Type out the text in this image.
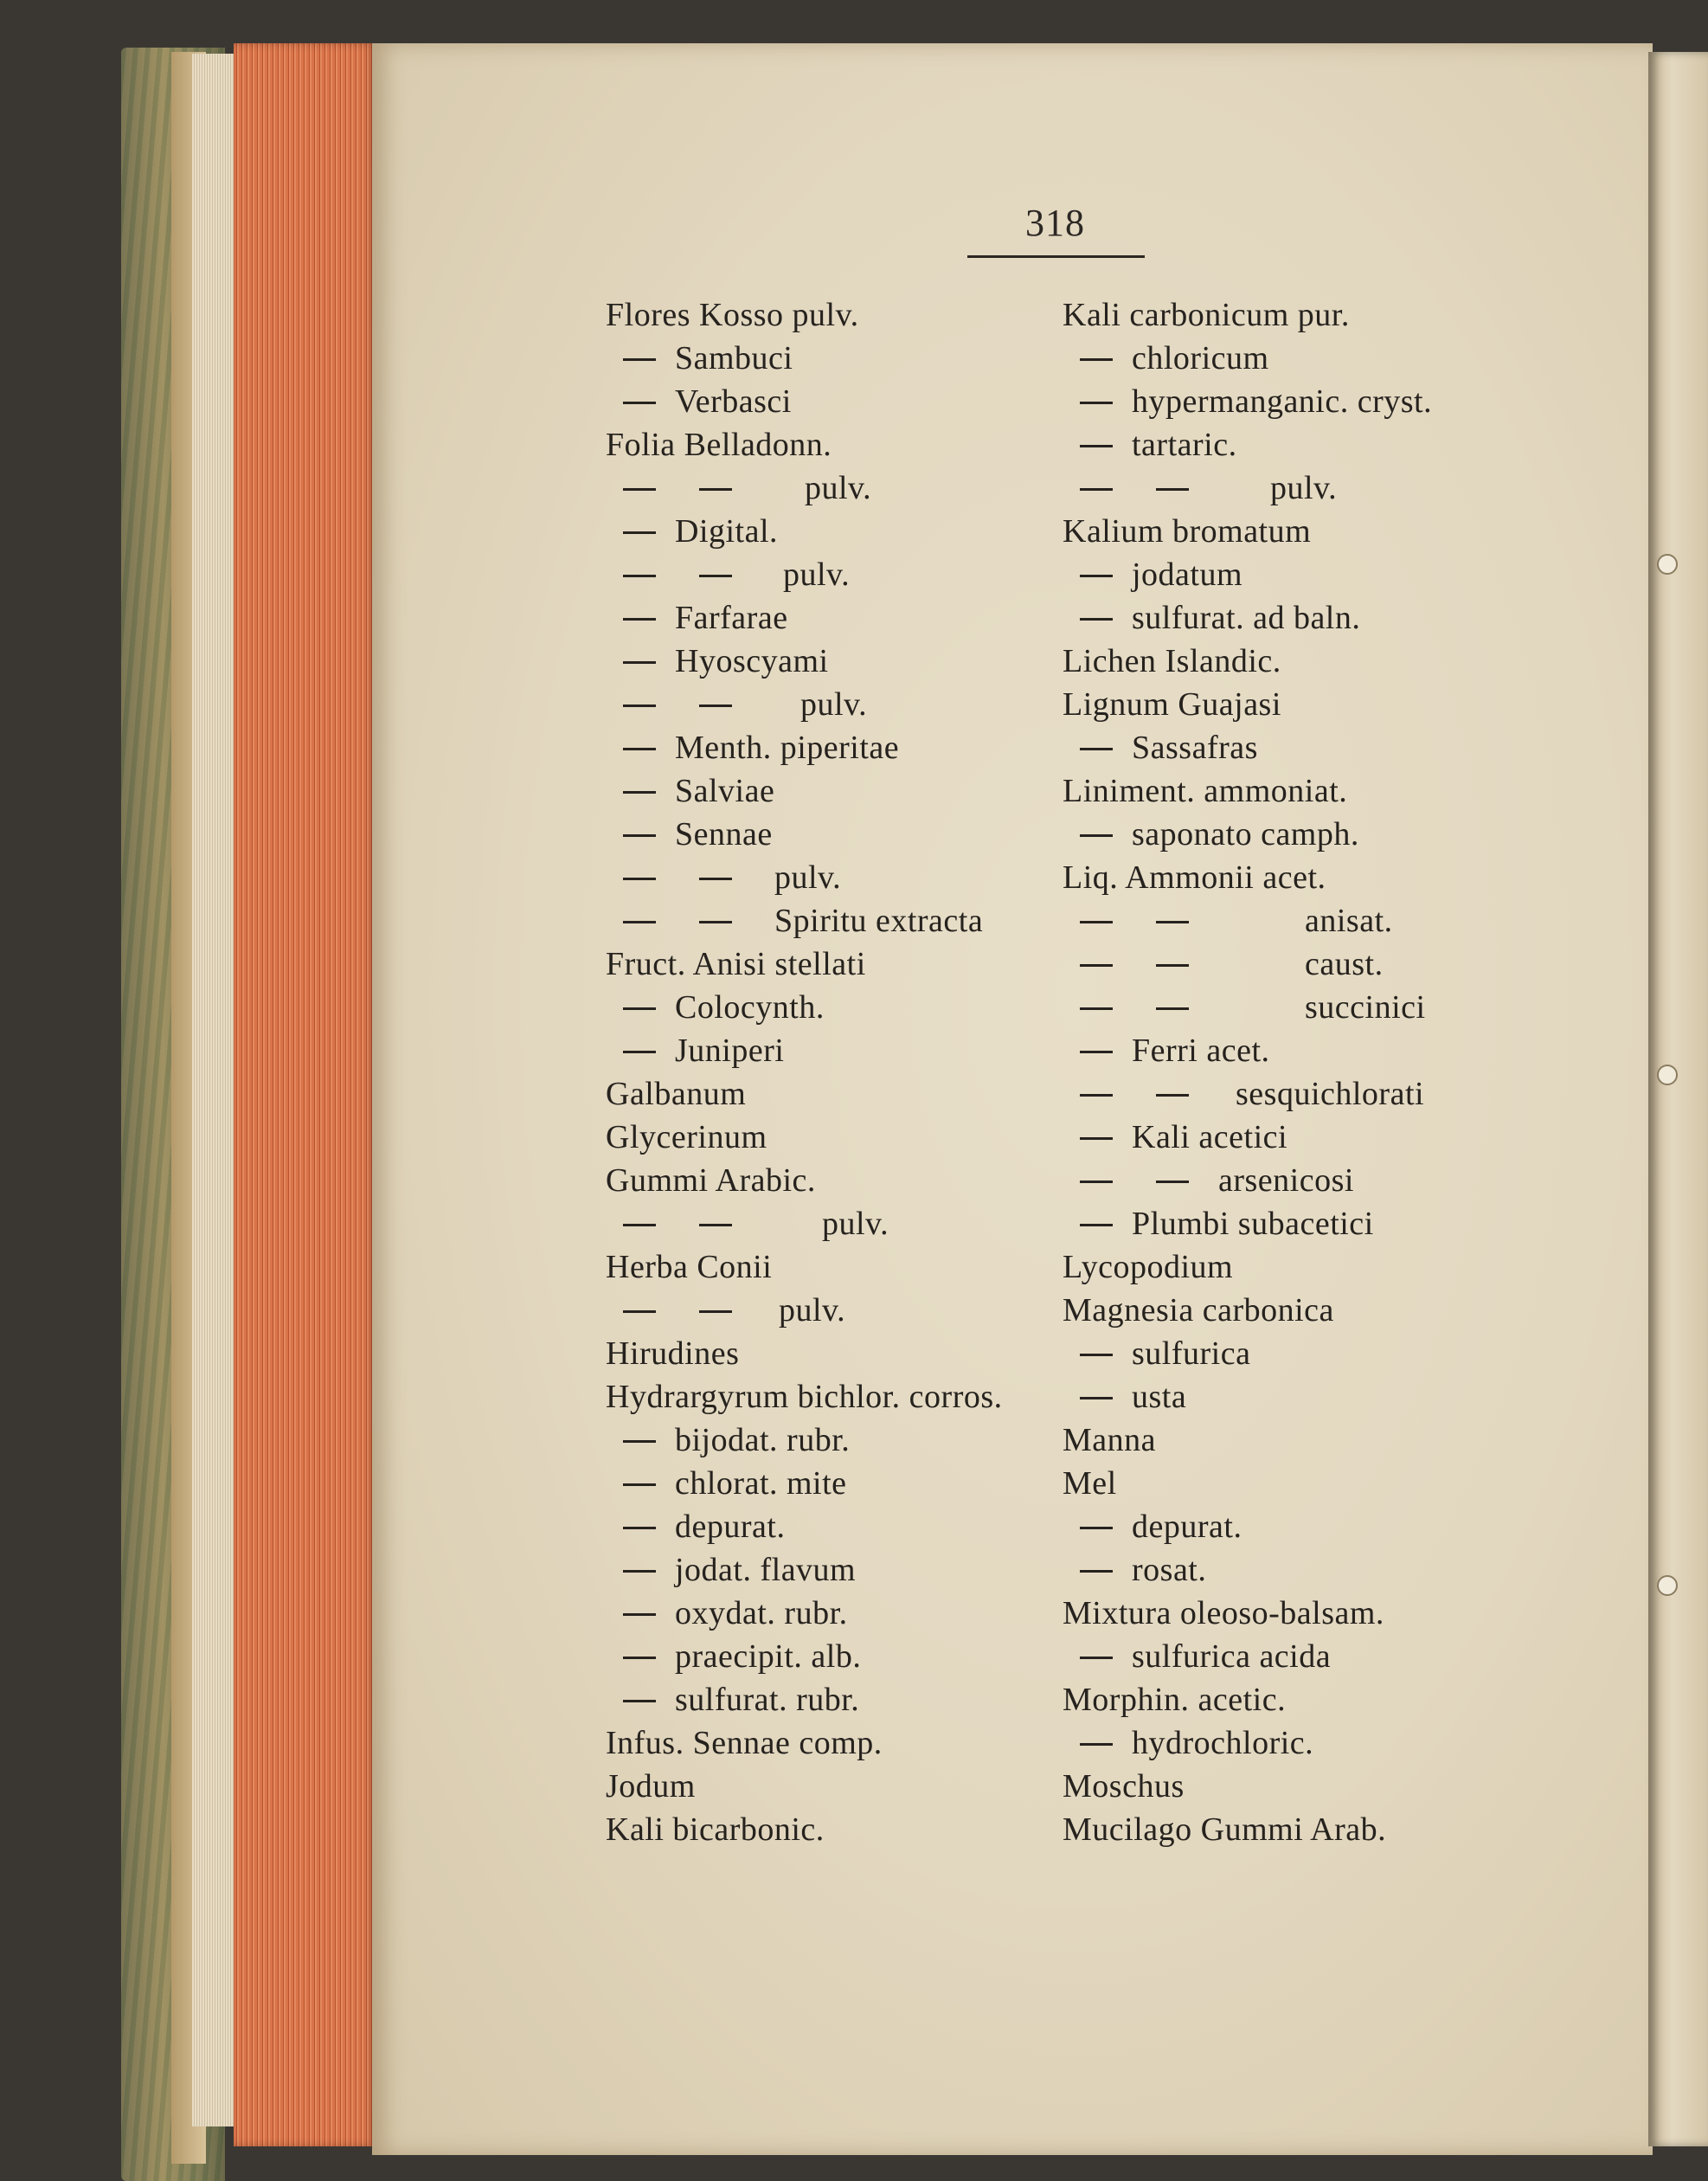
318
Flores Kosso pulv.
Sambuci
Verbasci
Folia Belladonn.
pulv.
Digital.
pulv.
Farfarae
Hyoscyami
pulv.
Menth. piperitae
Salviae
Sennae
pulv.
Spiritu extracta
Fruct. Anisi stellati
Colocynth.
Juniperi
Galbanum
Glycerinum
Gummi Arabic.
pulv.
Herba Conii
pulv.
Hirudines
Hydrargyrum bichlor. corros.
bijodat. rubr.
chlorat. mite
depurat.
jodat. flavum
oxydat. rubr.
praecipit. alb.
sulfurat. rubr.
Infus. Sennae comp.
Jodum
Kali bicarbonic.
Kali carbonicum pur.
chloricum
hypermanganic. cryst.
tartaric.
pulv.
Kalium bromatum
jodatum
sulfurat. ad baln.
Lichen Islandic.
Lignum Guajasi
Sassafras
Liniment. ammoniat.
saponato camph.
Liq. Ammonii acet.
anisat.
caust.
succinici
Ferri acet.
sesquichlorati
Kali acetici
arsenicosi
Plumbi subacetici
Lycopodium
Magnesia carbonica
sulfurica
usta
Manna
Mel
depurat.
rosat.
Mixtura oleoso-balsam.
sulfurica acida
Morphin. acetic.
hydrochloric.
Moschus
Mucilago Gummi Arab.
